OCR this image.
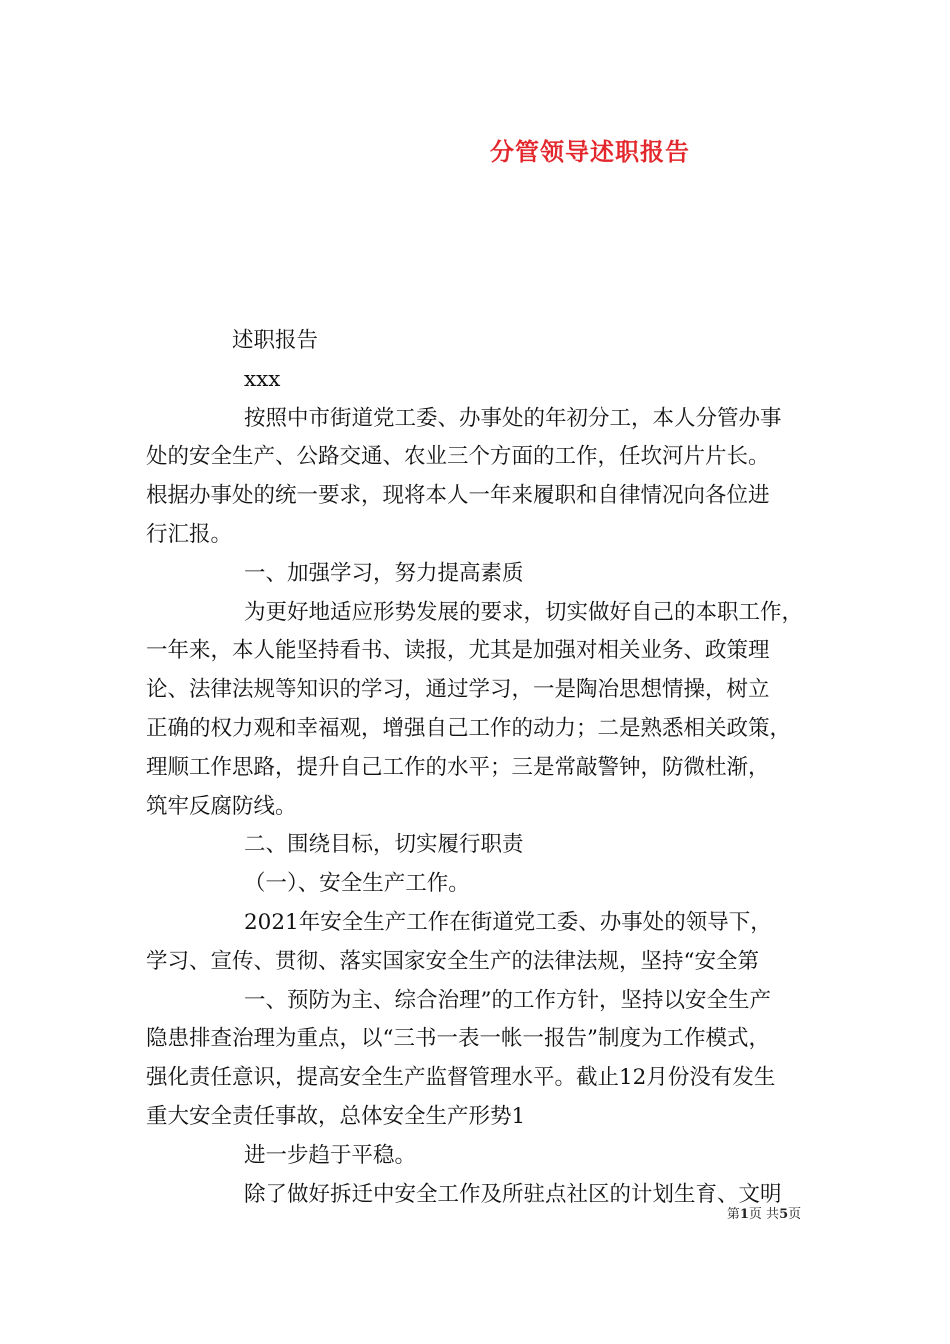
分管领导述职报告
述职报告
xxx
按照中市街道党工委、办事处的年初分工，本人分管办事
处的安全生产、公路交通、农业三个方面的工作，任坎河片片长。
根据办事处的统一要求，现将本人一年来履职和自律情况向各位进
行汇报。
一、加强学习，努力提高素质
为更好地适应形势发展的要求，切实做好自己的本职工作，
一年来，本人能坚持看书、读报，尤其是加强对相关业务、政策理
论、法律法规等知识的学习，通过学习，一是陶冶思想情操，树立
正确的权力观和幸福观，增强自己工作的动力；二是熟悉相关政策，
理顺工作思路，提升自己工作的水平；三是常敲警钟，防微杜渐，
筑牢反腐防线。
二、围绕目标，切实履行职责
（一）、安全生产工作。
2021年安全生产工作在街道党工委、办事处的领导下，
学习、宣传、贯彻、落实国家安全生产的法律法规，坚持“安全第
一、预防为主、综合治理”的工作方针，坚持以安全生产
隐患排查治理为重点，以“三书一表一帐一报告”制度为工作模式，
强化责任意识，提高安全生产监督管理水平。截止12月份没有发生
重大安全责任事故，总体安全生产形势1
进一步趋于平稳。
除了做好拆迁中安全工作及所驻点社区的计划生育、文明
第1页 共5页
